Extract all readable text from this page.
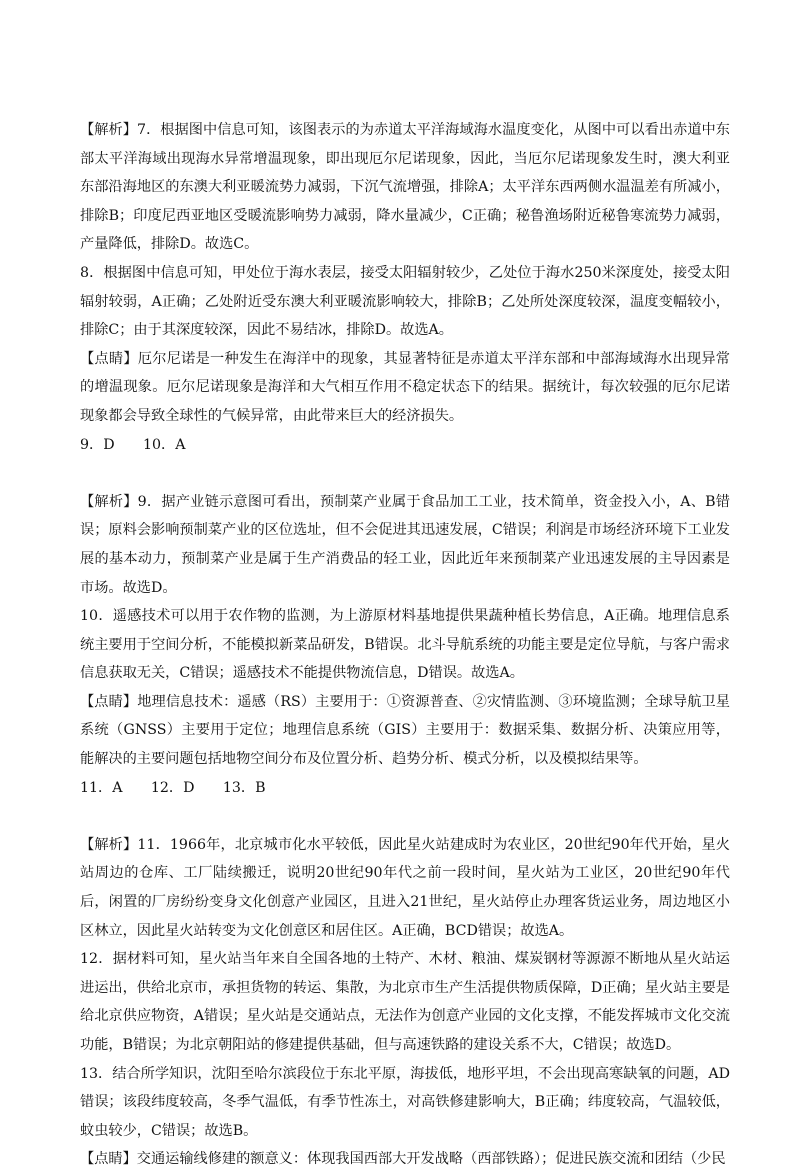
【解析】7．根据图中信息可知，该图表示的为赤道太平洋海域海水温度变化，从图中可以看出赤道中东部太平洋海域出现海水异常增温现象，即出现厄尔尼诺现象，因此，当厄尔尼诺现象发生时，澳大利亚东部沿海地区的东澳大利亚暖流势力减弱，下沉气流增强，排除A；太平洋东西两侧水温温差有所减小，排除B；印度尼西亚地区受暖流影响势力减弱，降水量减少，C正确；秘鲁渔场附近秘鲁寒流势力减弱，产量降低，排除D。故选C。

8．根据图中信息可知，甲处位于海水表层，接受太阳辐射较少，乙处位于海水250米深度处，接受太阳辐射较弱，A正确；乙处附近受东澳大利亚暖流影响较大，排除B；乙处所处深度较深，温度变幅较小，排除C；由于其深度较深，因此不易结冰，排除D。故选A。

【点睛】厄尔尼诺是一种发生在海洋中的现象，其显著特征是赤道太平洋东部和中部海域海水出现异常的增温现象。厄尔尼诺现象是海洋和大气相互作用不稳定状态下的结果。据统计，每次较强的厄尔尼诺现象都会导致全球性的气候异常，由此带来巨大的经济损失。

9．D　　10．A

【解析】9．据产业链示意图可看出，预制菜产业属于食品加工工业，技术简单，资金投入小，A、B错误；原料会影响预制菜产业的区位选址，但不会促进其迅速发展，C错误；利润是市场经济环境下工业发展的基本动力，预制菜产业是属于生产消费品的轻工业，因此近年来预制菜产业迅速发展的主导因素是市场。故选D。

10．遥感技术可以用于农作物的监测，为上游原材料基地提供果蔬种植长势信息，A正确。地理信息系统主要用于空间分析，不能模拟新菜品研发，B错误。北斗导航系统的功能主要是定位导航，与客户需求信息获取无关，C错误；遥感技术不能提供物流信息，D错误。故选A。

【点睛】地理信息技术：遥感（RS）主要用于：①资源普查、②灾情监测、③环境监测；全球导航卫星系统（GNSS）主要用于定位；地理信息系统（GIS）主要用于：数据采集、数据分析、决策应用等，能解决的主要问题包括地物空间分布及位置分析、趋势分析、模式分析，以及模拟结果等。

11．A　　12．D　　13．B

【解析】11．1966年，北京城市化水平较低，因此星火站建成时为农业区，20世纪90年代开始，星火站周边的仓库、工厂陆续搬迁，说明20世纪90年代之前一段时间，星火站为工业区，20世纪90年代后，闲置的厂房纷纷变身文化创意产业园区，且进入21世纪，星火站停止办理客货运业务，周边地区小区林立，因此星火站转变为文化创意区和居住区。A正确，BCD错误；故选A。

12．据材料可知，星火站当年来自全国各地的土特产、木材、粮油、煤炭钢材等源源不断地从星火站运进运出，供给北京市，承担货物的转运、集散，为北京市生产生活提供物质保障，D正确；星火站主要是给北京供应物资，A错误；星火站是交通站点，无法作为创意产业园的文化支撑，不能发挥城市文化交流功能，B错误；为北京朝阳站的修建提供基础，但与高速铁路的建设关系不大，C错误；故选D。

13．结合所学知识，沈阳至哈尔滨段位于东北平原，海拔低，地形平坦，不会出现高寒缺氧的问题，AD错误；该段纬度较高，冬季气温低，有季节性冻土，对高铁修建影响大，B正确；纬度较高，气温较低，蚊虫较少，C错误；故选B。

【点睛】交通运输线修建的额意义：体现我国西部大开发战略（西部铁路）；促进民族交流和团结（少民
